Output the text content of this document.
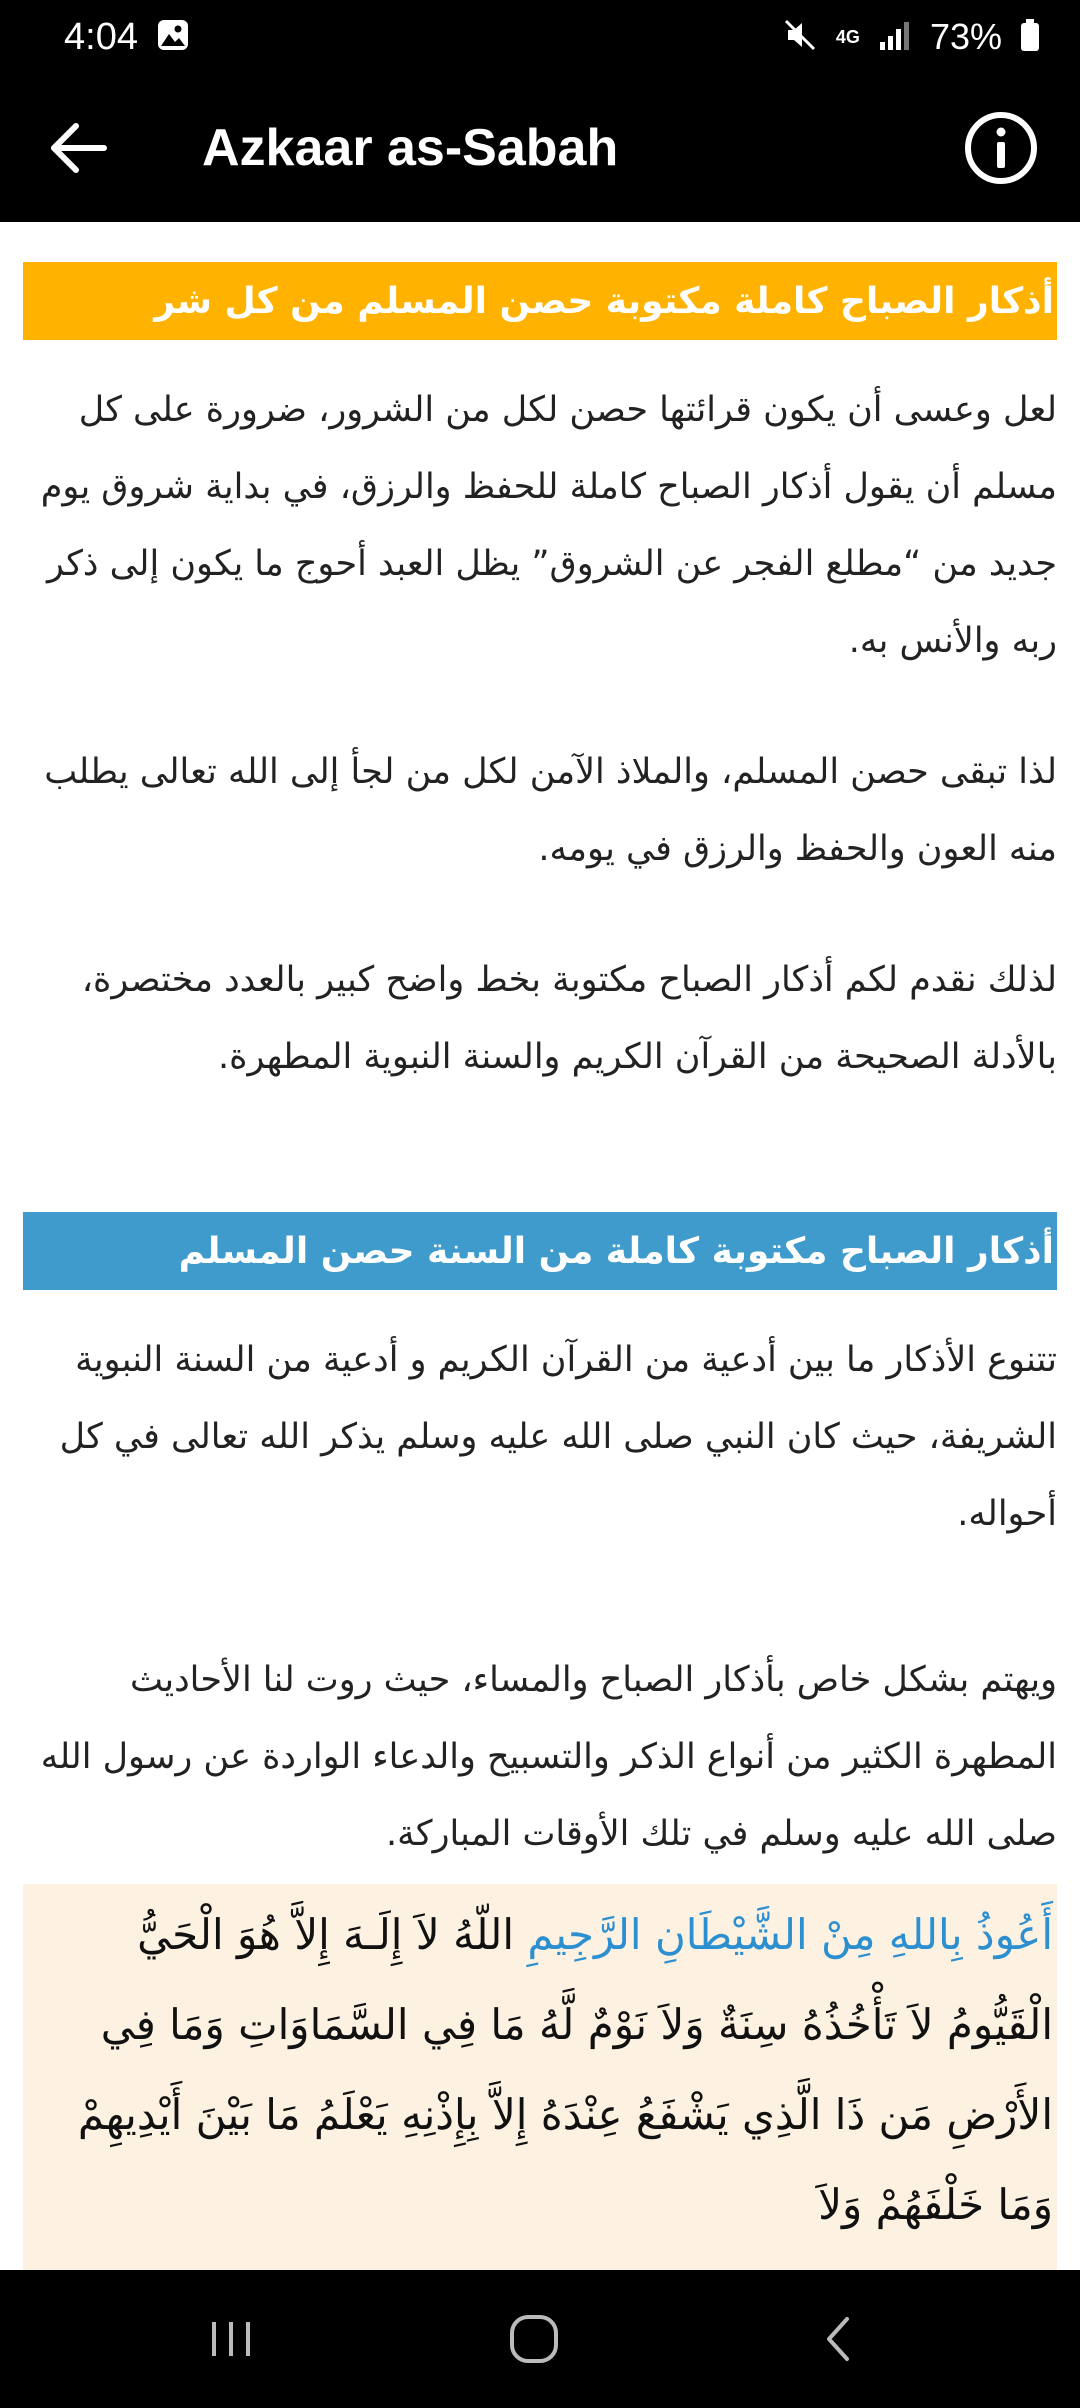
4:04	4G 73%
Azkaar as-Sabah
أذكار الصباح كاملة مكتوبة حصن المسلم من كل شر

لعل وعسى أن يكون قرائتها حصن لكل من الشرور، ضرورة على كل مسلم أن يقول أذكار الصباح كاملة للحفظ والرزق، في بداية شروق يوم جديد من “مطلع الفجر عن الشروق” يظل العبد أحوج ما يكون إلى ذكر ربه والأنس به.

لذا تبقى حصن المسلم، والملاذ الآمن لكل من لجأ إلى الله تعالى يطلب منه العون والحفظ والرزق في يومه.

لذلك نقدم لكم أذكار الصباح مكتوبة بخط واضح كبير بالعدد مختصرة، بالأدلة الصحيحة من القرآن الكريم والسنة النبوية المطهرة.

أذكار الصباح مكتوبة كاملة من السنة حصن المسلم

تتنوع الأذكار ما بين أدعية من القرآن الكريم و أدعية من السنة النبوية الشريفة، حيث كان النبي صلى الله عليه وسلم يذكر الله تعالى في كل أحواله.

ويهتم بشكل خاص بأذكار الصباح والمساء، حيث روت لنا الأحاديث المطهرة الكثير من أنواع الذكر والتسبيح والدعاء الواردة عن رسول الله صلى الله عليه وسلم في تلك الأوقات المباركة.

أَعُوذُ بِاللهِ مِنْ الشَّيْطَانِ الرَّجِيمِ اللّهُ لاَ إِلَـهَ إِلاَّ هُوَ الْحَيُّ الْقَيُّومُ لاَ تَأْخُذُهُ سِنَةٌ وَلاَ نَوْمٌ لَّهُ مَا فِي السَّمَاوَاتِ وَمَا فِي الأَرْضِ مَن ذَا الَّذِي يَشْفَعُ عِنْدَهُ إِلاَّ بِإِذْنِهِ يَعْلَمُ مَا بَيْنَ أَيْدِيهِمْ وَمَا خَلْفَهُمْ وَلاَ
